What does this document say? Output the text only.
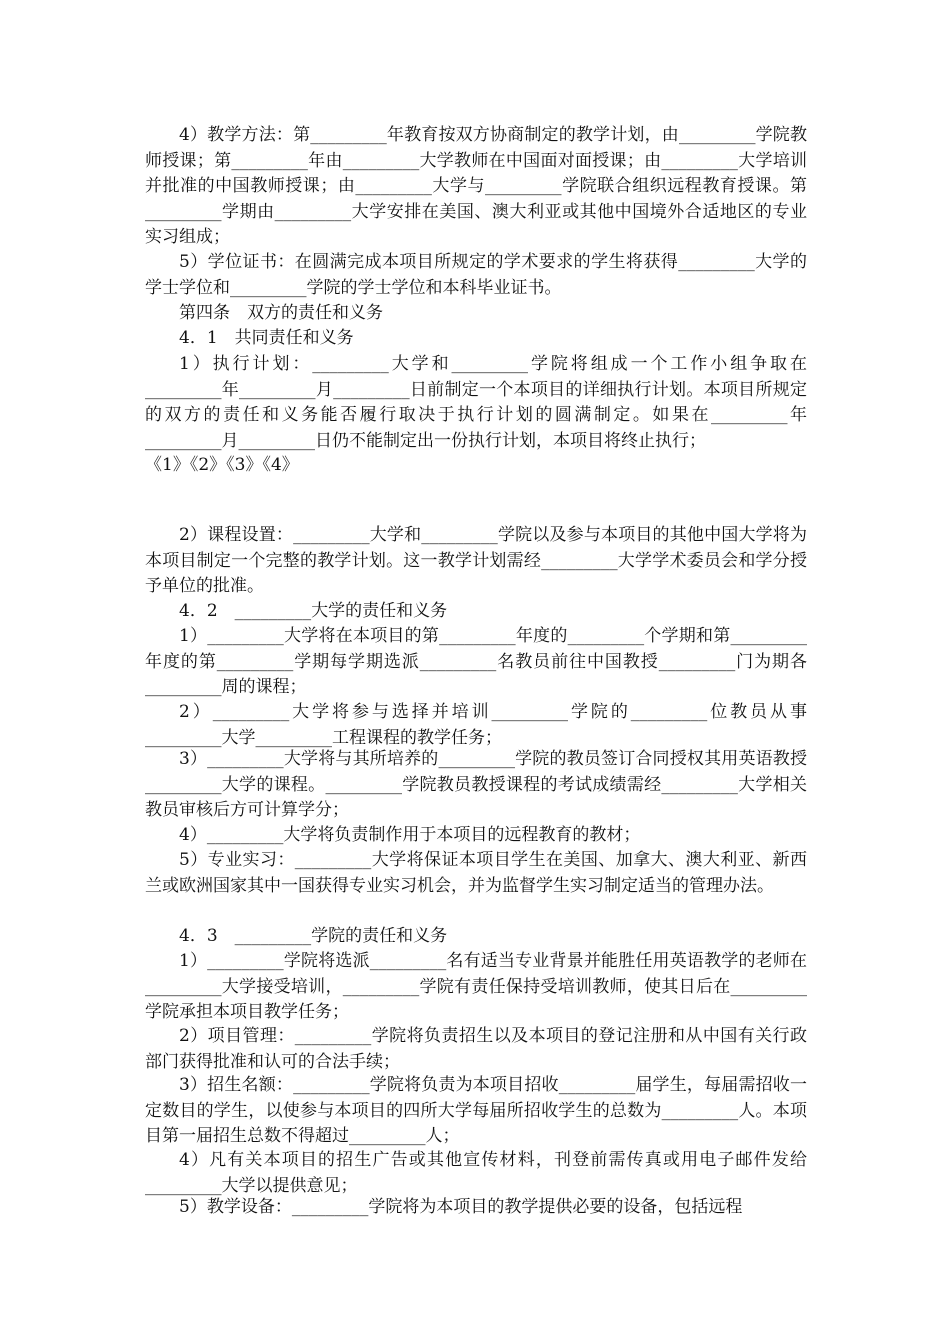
4）教学方法：第_________年教育按双方协商制定的教学计划，由_________学院教师授课；第_________年由_________大学教师在中国面对面授课；由_________大学培训并批准的中国教师授课；由_________大学与_________学院联合组织远程教育授课。第_________学期由_________大学安排在美国、澳大利亚或其他中国境外合适地区的专业实习组成；

5）学位证书：在圆满完成本项目所规定的学术要求的学生将获得_________大学的学士学位和_________学院的学士学位和本科毕业证书。

第四条　双方的责任和义务

4．1　共同责任和义务

1）执行计划：_________大学和_________学院将组成一个工作小组争取在_________年_________月_________日前制定一个本项目的详细执行计划。本项目所规定的双方的责任和义务能否履行取决于执行计划的圆满制定。如果在_________年_________月_________日仍不能制定出一份执行计划，本项目将终止执行；

《1》《2》《3》《4》

2）课程设置：_________大学和_________学院以及参与本项目的其他中国大学将为本项目制定一个完整的教学计划。这一教学计划需经_________大学学术委员会和学分授予单位的批准。

4．2　_________大学的责任和义务

1）_________大学将在本项目的第_________年度的_________个学期和第_________年度的第_________学期每学期选派_________名教员前往中国教授_________门为期各_________周的课程；

2）_________大学将参与选择并培训_________学院的_________位教员从事_________大学_________工程课程的教学任务；

3）_________大学将与其所培养的_________学院的教员签订合同授权其用英语教授_________大学的课程。_________学院教员教授课程的考试成绩需经_________大学相关教员审核后方可计算学分；

4）_________大学将负责制作用于本项目的远程教育的教材；

5）专业实习：_________大学将保证本项目学生在美国、加拿大、澳大利亚、新西兰或欧洲国家其中一国获得专业实习机会，并为监督学生实习制定适当的管理办法。

4．3　_________学院的责任和义务

1）_________学院将选派_________名有适当专业背景并能胜任用英语教学的老师在_________大学接受培训，_________学院有责任保持受培训教师，使其日后在_________学院承担本项目教学任务；

2）项目管理：_________学院将负责招生以及本项目的登记注册和从中国有关行政部门获得批准和认可的合法手续；

3）招生名额：_________学院将负责为本项目招收_________届学生，每届需招收一定数目的学生，以使参与本项目的四所大学每届所招收学生的总数为_________人。本项目第一届招生总数不得超过_________人；

4）凡有关本项目的招生广告或其他宣传材料，刊登前需传真或用电子邮件发给_________大学以提供意见；

5）教学设备：_________学院将为本项目的教学提供必要的设备，包括远程
